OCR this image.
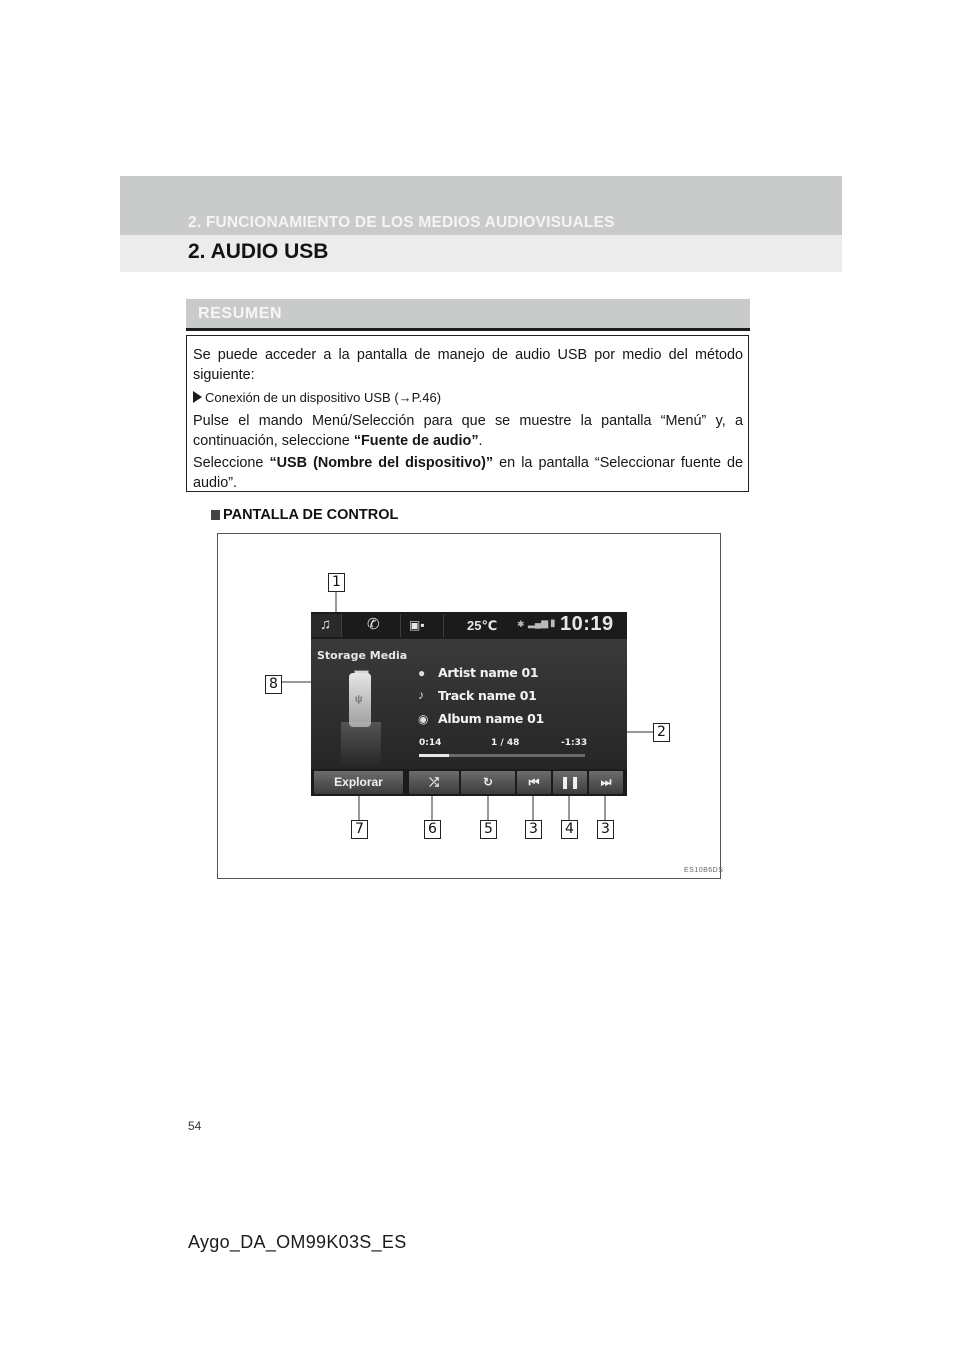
2. FUNCIONAMIENTO DE LOS MEDIOS AUDIOVISUALES
2. AUDIO USB
RESUMEN
Se puede acceder a la pantalla de manejo de audio USB por medio del método siguiente:
Conexión de un dispositivo USB (→P.46)
Pulse el mando Menú/Selección para que se muestre la pantalla “Menú” y, a continuación, seleccione “Fuente de audio”.
Seleccione “USB (Nombre del dispositivo)” en la pantalla “Seleccionar fuente de audio”.
PANTALLA DE CONTROL
♫ ✆ ▣▪	25℃ ✱ ▂▄▆ ▮ 10:19
Storage Media
ψ
● Artist name 01
♪ Track name 01
◉ Album name 01
0:14	1 / 48	-1:33
Explorar	⤮	↻	⏮	❚❚	⏭
1
2
3 4
5
6
7
8
3
ES10B6DS
54
Aygo_DA_OM99K03S_ES
